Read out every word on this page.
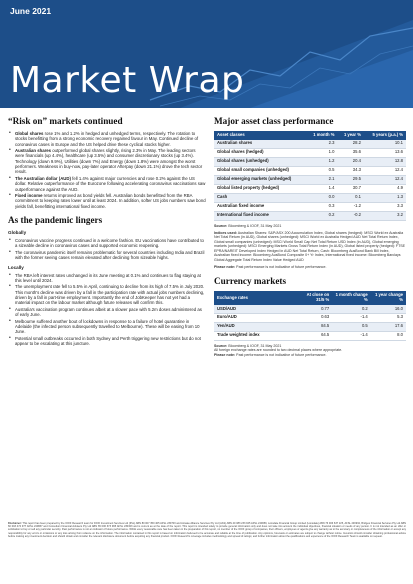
June 2021
Market Wrap
“Risk on” markets continued
• Global shares rose 1% and 1.2% in hedged and unhedged terms, respectively. The rotation to stocks benefitting from a strong economic recovery regained favour in May. Continued decline of coronavirus cases in Europe and the US helped drive these cyclical stocks higher.
• Australian shares outperformed global shares slightly, rising 2.3% in May. The leading sectors were financials (up 4.4%), healthcare (up 3.5%) and consumer discretionary stocks (up 3.4%). Technology (down 9.9%), Utilities (down 7%) and Energy (down 1.8%) were amongst the worst performers. Weakness in buy-now, pay-later operator Afterpay (down 21.1%) drove the tech sector result.
• The Australian dollar (AUD) fell 1.4% against major currencies and rose 0.2% against the US dollar. Relative outperformance of the Eurozone following accelerating coronavirus vaccinations saw outperformance against the AUD.
• Fixed income returns improved as bond yields fell. Australian bonds benefitted from the RBA commitment to keeping rates lower until at least 2024. In addition, softer US jobs numbers saw bond yields fall, benefitting international fixed income.
As the pandemic lingers
Globally
• Coronavirus vaccine progress continued in a welcome fashion. EU vaccinations have contributed to a sizeable decline in coronavirus cases and supported economic reopening.
• The coronavirus pandemic itself remains problematic for several countries including India and Brazil with the former seeing cases remain elevated after declining from sizeable highs.
Locally
• The RBA left interest rates unchanged in its June meeting at 0.1% and continues to flag staying at this level until 2024.
• The unemployment rate fell to 5.5% in April, continuing to decline from its high of 7.5% in July 2020. This month's decline was driven by a fall in the participation rate with actual jobs numbers declining, driven by a fall in part-time employment. Importantly the end of JobKeeper has not yet had a material impact on the labour market although future releases will confirm this.
• Australia's vaccination program continues albeit at a slower pace with 5.2m doses administered as of early June.
• Melbourne suffered another bout of lockdowns in response to a failure of hotel quarantine in Adelaide (the infected person subsequently travelled to Melbourne). These will be easing from 10 June.
• Potential small outbreaks occurred in both Sydney and Perth triggering new restrictions but do not appear to be escalating at this juncture.
Major asset class performance
Asset classes	1 month %	1 year %	5 years (p.a.) %
Australian shares	2.3	28.2	10.1
Global shares (hedged)	1.0	35.6	13.6
Global shares (unhedged)	1.2	20.4	12.8
Global small companies (unhedged)	0.5	34.3	12.4
Global emerging markets (unhedged)	2.1	29.5	12.4
Global listed property (hedged)	1.4	30.7	4.9
Cash	0.0	0.1	1.3
Australian fixed income	0.3	-1.2	3.3
International fixed income	0.2	-0.2	3.2

Source: Bloomberg & IOOF, 31 May 2021

Indices used: Australian Shares: S&P/ASX 200 Accumulation Index, Global shares (hedged): MSCI World ex Australia Net Total Return (in AUD), Global shares (unhedged): MSCI World ex Australia Hedged AUD Net Total Return Index, Global small companies (unhedged): MSCI World Small Cap Net Total Return USD Index (in AUD), Global emerging markets (unhedged): MSCI Emerging Markets Gross Total Return Index (in AUD), Global listed property (hedged): FTSE EPRA/NAREIT Developed Index Hedged in AUD Net Total Return, Cash: Bloomberg AusBond Bank Bill Index, Australian fixed income: Bloomberg AusBond Composite 0+ Yr Index, International fixed income: Bloomberg Barclays Global Aggregate Total Return Index Value Hedged AUD

Please note: Past performance is not indicative of future performance.

Currency markets
Exchange rates	At close on 31/5 %	1 month change %	1 year change %
USD/AUD	0.77	0.2	16.0
Euro/AUD	0.63	-1.4	5.3
Yen/AUD	84.5	0.5	17.6
Trade weighted index	64.5	-1.4	8.0

Source: Bloomberg & IOOF, 31 May 2021

All foreign exchange rates are rounded to two decimal places where appropriate.

Please note: Past performance is not indicative of future performance.

Disclaimer: This report has been prepared by the IOOF Research team for IOOF Investment Services Ltd (IISL) ABN 80 007 350 405 AFSL 230703 and Actuate Alliance Services Pty Ltd (AAS) ABN 40 083 233 925 AFSL 240959, Lonsdale Financial Group Limited (Lonsdale) ABN 76 006 637 225, AFSL 246934, Bridges Financial Services Pty Ltd ABN 60 003 474 977 AFSL 240837 and Consultum Financial Advisers Pty Ltd ABN 65 006 373 995 AFSL 230323 and is current as at the date of the report. This report is intended solely to provide general information only and does not take into account the individual objectives, financial situation or needs of any person. It is not intended as an offer or solicitation to buy or sell any particular security. Past performance is not an indicator of future performance. Whilst every reasonable care has been taken in the preparation of this report, no member of the IOOF group of companies, their officers, employees or agents give any warranty as to the accuracy or completeness of the information or accept any responsibility for any errors or omissions or any loss arising from reliance on the information. The information contained in this report is based on information believed to be accurate and reliable at the time of publication. Any opinions, forecasts or estimates are subject to change without notice. Investors should consider obtaining professional advice before making any investment decision and should obtain and consider the relevant disclosure document before acquiring any financial product. IOOF Research's coverage includes methodology and spread of ratings; and further information about the qualifications and experience of the IOOF Research Team is available on request.
